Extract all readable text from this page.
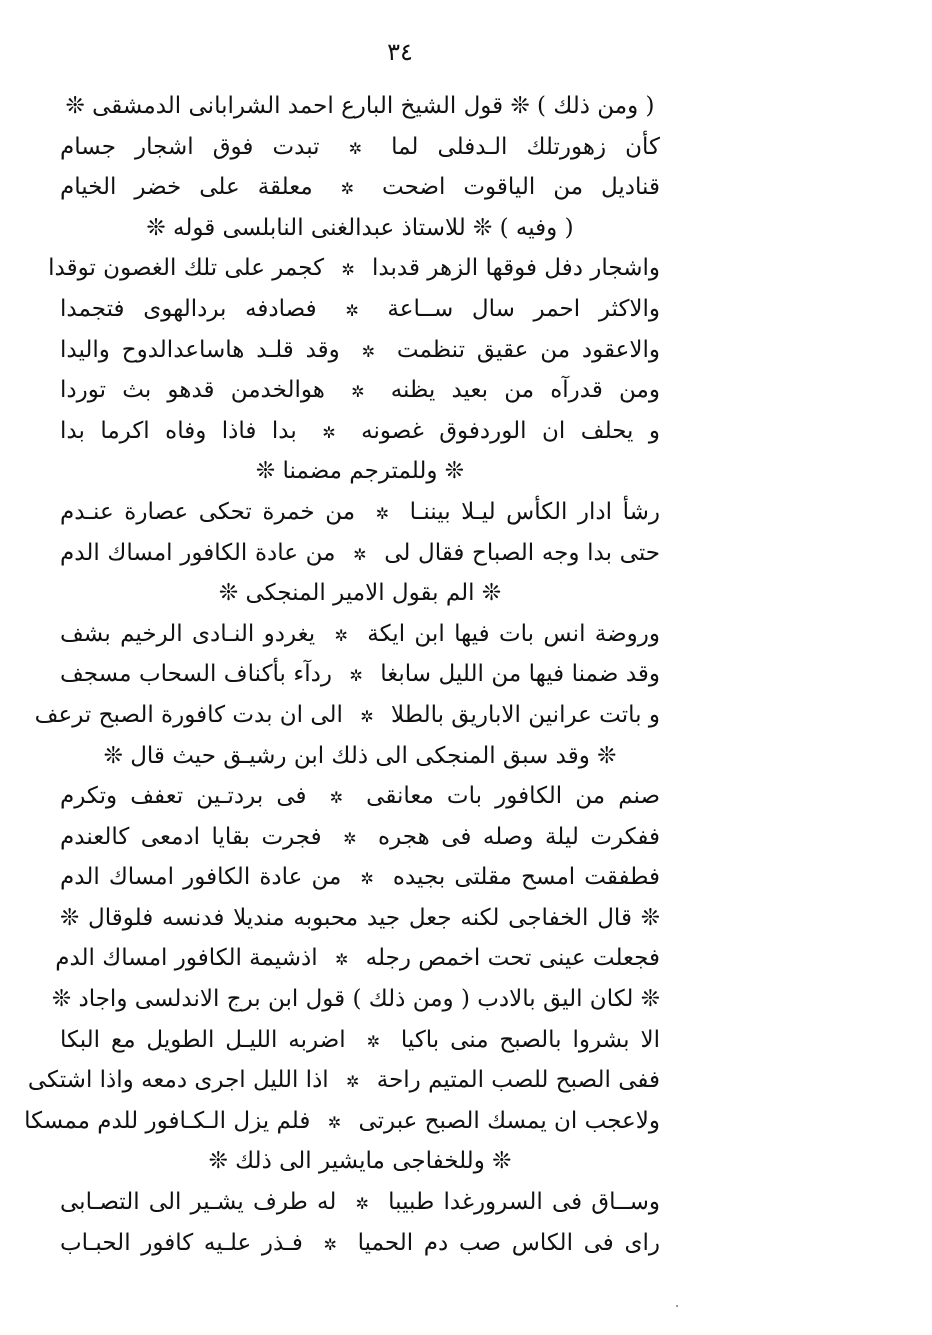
٣٤
( ومن ذلك ) ❊ قول الشيخ البارع احمد الشرابانى الدمشقى ❊
كأن زهورتلك الـدفلى لما ✲ تبدت فوق اشجار جسام
قناديل من الياقوت اضحت ✲ معلقة على خضر الخيام
( وفيه ) ❊ للاستاذ عبدالغنى النابلسى قوله ❊
واشجار دفل فوقها الزهر قدبدا ✲ كجمر على تلك الغصون توقدا
والاكثر احمر سال ســاعة ✲ فصادفه بردالهوى فتجمدا
والاعقود من عقيق تنظمت ✲ وقد قلـد هاساعدالدوح واليدا
ومن قدرآه من بعيد يظنه ✲ هوالخدمن قدهو بث توردا
و يحلف ان الوردفوق غصونه ✲ بدا فاذا وفاه اكرما بدا
❊ وللمترجم مضمنا ❊
رشأ ادار الكأس ليـلا بيننـا ✲ من خمرة تحكى عصارة عنـدم
حتى بدا وجه الصباح فقال لى ✲ من عادة الكافور امساك الدم
❊ الم بقول الامير المنجكى ❊
وروضة انس بات فيها ابن ايكة ✲ يغردو النـادى الرخيم بشف
وقد ضمنا فيها من الليل سابغا ✲ ردآء بأكناف السحاب مسجف
و باتت عرانين الاباريق بالطلا ✲ الى ان بدت كافورة الصبح ترعف
❊ وقد سبق المنجكى الى ذلك ابن رشيـق حيث قال ❊
صنم من الكافور بات معانقى ✲ فى بردتـين تعفف وتكرم
ففكرت ليلة وصله فى هجره ✲ فجرت بقايا ادمعى كالعندم
فطفقت امسح مقلتى بجيده ✲ من عادة الكافور امساك الدم
❊ قال الخفاجى لكنه جعل جيد محبوبه منديلا فدنسه فلوقال ❊
فجعلت عينى تحت اخمص رجله ✲ اذشيمة الكافور امساك الدم
❊ لكان اليق بالادب ( ومن ذلك ) قول ابن برج الاندلسى واجاد ❊
الا بشروا بالصبح منى باكيا ✲ اضربه الليـل الطويل مع البكا
ففى الصبح للصب المتيم راحة ✲ اذا الليل اجرى دمعه واذا اشتكى
ولاعجب ان يمسك الصبح عبرتى ✲ فلم يزل الـكـافور للدم ممسكا
❊ وللخفاجى مايشير الى ذلك ❊
وســاق فى السرورغدا طبيبا ✲ له طرف يشـير الى التصـابى
راى فى الكاس صب دم الحميا ✲ فـذر علـيه كافور الحبـاب
